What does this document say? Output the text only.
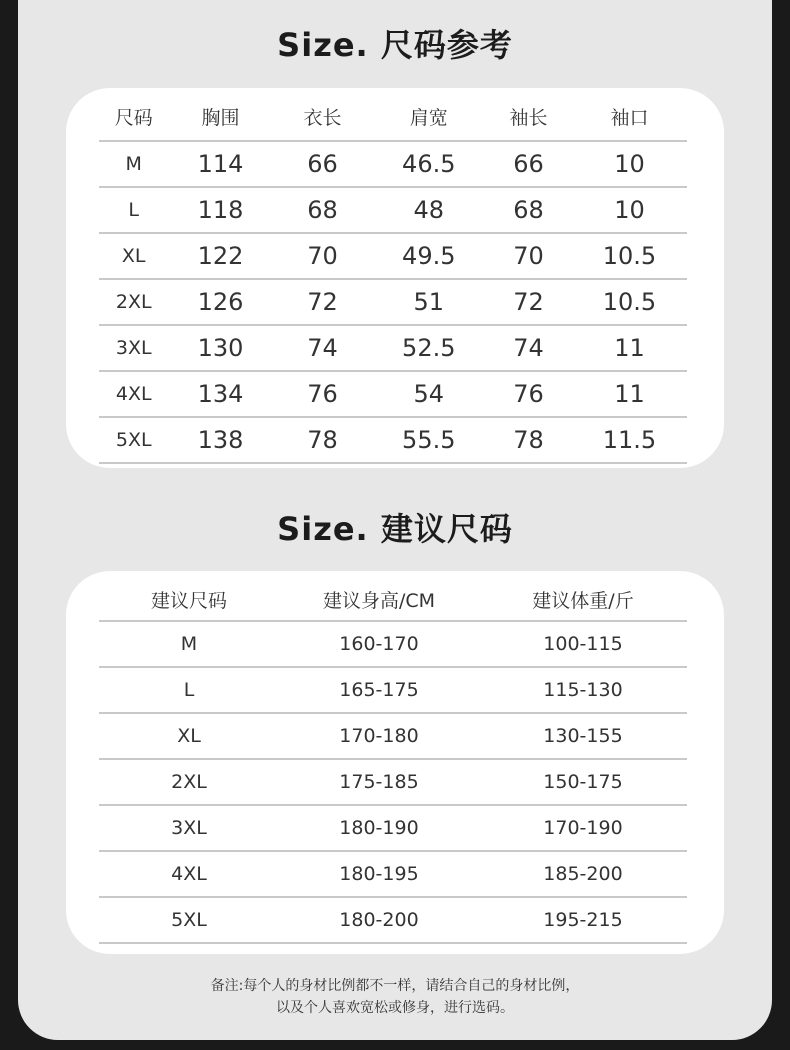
Size. 尺码参考
尺码	胸围	衣长	肩宽	袖长	袖口
M	114	66	46.5	66	10
L	118	68	48	68	10
XL	122	70	49.5	70	10.5
2XL	126	72	51	72	10.5
3XL	130	74	52.5	74	11
4XL	134	76	54	76	11
5XL	138	78	55.5	78	11.5
Size. 建议尺码
建议尺码	建议身高/CM	建议体重/斤
M	160-170	100-115
L	165-175	115-130
XL	170-180	130-155
2XL	175-185	150-175
3XL	180-190	170-190
4XL	180-195	185-200
5XL	180-200	195-215
备注:每个人的身材比例都不一样，请结合自己的身材比例，
以及个人喜欢宽松或修身，进行选码。
